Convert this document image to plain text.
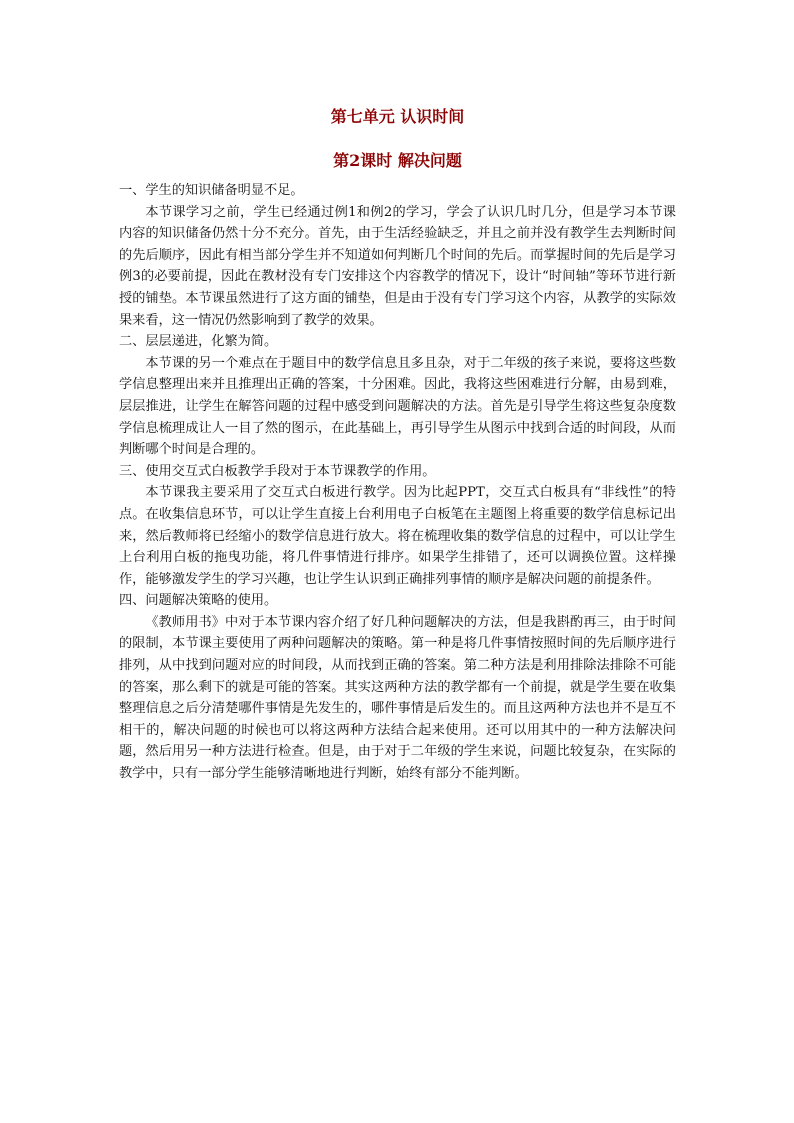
第七单元 认识时间
第2课时 解决问题

一、学生的知识储备明显不足。

本节课学习之前，学生已经通过例1和例2的学习，学会了认识几时几分，但是学习本节课内容的知识储备仍然十分不充分。首先，由于生活经验缺乏，并且之前并没有教学生去判断时间的先后顺序，因此有相当部分学生并不知道如何判断几个时间的先后。而掌握时间的先后是学习例3的必要前提，因此在教材没有专门安排这个内容教学的情况下，设计“时间轴”等环节进行新授的铺垫。本节课虽然进行了这方面的铺垫，但是由于没有专门学习这个内容，从教学的实际效果来看，这一情况仍然影响到了教学的效果。

二、层层递进，化繁为简。

本节课的另一个难点在于题目中的数学信息且多且杂，对于二年级的孩子来说，要将这些数学信息整理出来并且推理出正确的答案，十分困难。因此，我将这些困难进行分解，由易到难，层层推进，让学生在解答问题的过程中感受到问题解决的方法。首先是引导学生将这些复杂度数学信息梳理成让人一目了然的图示，在此基础上，再引导学生从图示中找到合适的时间段，从而判断哪个时间是合理的。

三、使用交互式白板教学手段对于本节课教学的作用。

本节课我主要采用了交互式白板进行教学。因为比起PPT，交互式白板具有“非线性”的特点。在收集信息环节，可以让学生直接上台利用电子白板笔在主题图上将重要的数学信息标记出来，然后教师将已经缩小的数学信息进行放大。将在梳理收集的数学信息的过程中，可以让学生上台利用白板的拖曳功能，将几件事情进行排序。如果学生排错了，还可以调换位置。这样操作，能够激发学生的学习兴趣，也让学生认识到正确排列事情的顺序是解决问题的前提条件。

四、问题解决策略的使用。

《教师用书》中对于本节课内容介绍了好几种问题解决的方法，但是我斟酌再三，由于时间的限制，本节课主要使用了两种问题解决的策略。第一种是将几件事情按照时间的先后顺序进行排列，从中找到问题对应的时间段，从而找到正确的答案。第二种方法是利用排除法排除不可能的答案，那么剩下的就是可能的答案。其实这两种方法的教学都有一个前提，就是学生要在收集整理信息之后分清楚哪件事情是先发生的，哪件事情是后发生的。而且这两种方法也并不是互不相干的，解决问题的时候也可以将这两种方法结合起来使用。还可以用其中的一种方法解决问题，然后用另一种方法进行检查。但是，由于对于二年级的学生来说，问题比较复杂，在实际的教学中，只有一部分学生能够清晰地进行判断，始终有部分不能判断。
